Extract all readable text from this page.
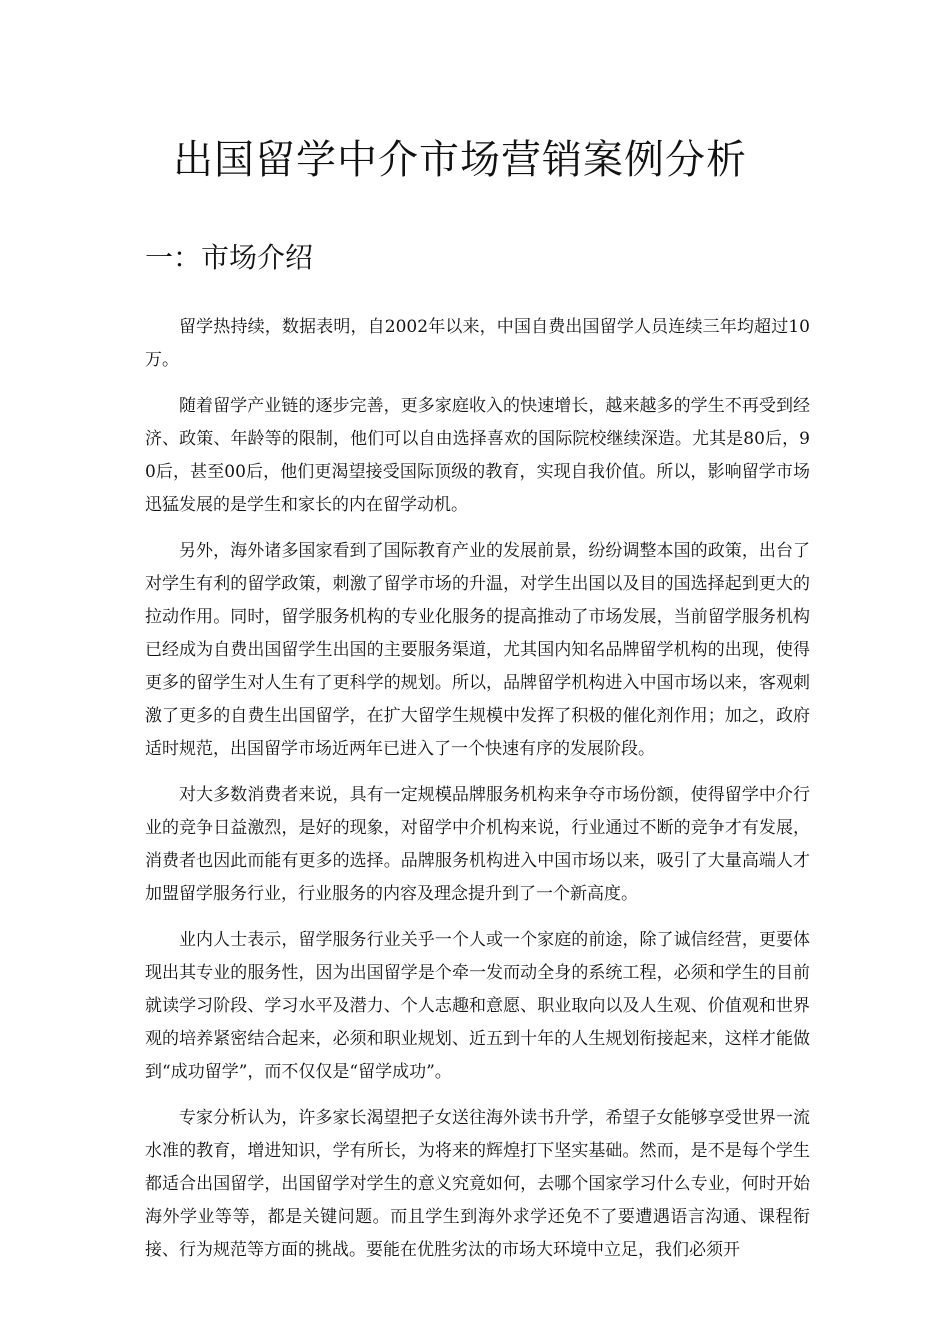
出国留学中介市场营销案例分析
一：市场介绍

留学热持续，数据表明，自2002年以来，中国自费出国留学人员连续三年均超过10万。

随着留学产业链的逐步完善，更多家庭收入的快速增长，越来越多的学生不再受到经济、政策、年龄等的限制，他们可以自由选择喜欢的国际院校继续深造。尤其是80后，90后，甚至00后，他们更渴望接受国际顶级的教育，实现自我价值。所以，影响留学市场迅猛发展的是学生和家长的内在留学动机。

另外，海外诸多国家看到了国际教育产业的发展前景，纷纷调整本国的政策，出台了对学生有利的留学政策，刺激了留学市场的升温，对学生出国以及目的国选择起到更大的拉动作用。同时，留学服务机构的专业化服务的提高推动了市场发展，当前留学服务机构已经成为自费出国留学生出国的主要服务渠道，尤其国内知名品牌留学机构的出现，使得更多的留学生对人生有了更科学的规划。所以，品牌留学机构进入中国市场以来，客观刺激了更多的自费生出国留学，在扩大留学生规模中发挥了积极的催化剂作用；加之，政府适时规范，出国留学市场近两年已进入了一个快速有序的发展阶段。

对大多数消费者来说，具有一定规模品牌服务机构来争夺市场份额，使得留学中介行业的竞争日益激烈，是好的现象，对留学中介机构来说，行业通过不断的竞争才有发展，消费者也因此而能有更多的选择。品牌服务机构进入中国市场以来，吸引了大量高端人才加盟留学服务行业，行业服务的内容及理念提升到了一个新高度。

业内人士表示，留学服务行业关乎一个人或一个家庭的前途，除了诚信经营，更要体现出其专业的服务性，因为出国留学是个牵一发而动全身的系统工程，必须和学生的目前就读学习阶段、学习水平及潜力、个人志趣和意愿、职业取向以及人生观、价值观和世界观的培养紧密结合起来，必须和职业规划、近五到十年的人生规划衔接起来，这样才能做到“成功留学”，而不仅仅是“留学成功”。

专家分析认为，许多家长渴望把子女送往海外读书升学，希望子女能够享受世界一流水准的教育，增进知识，学有所长，为将来的辉煌打下坚实基础。然而，是不是每个学生都适合出国留学，出国留学对学生的意义究竟如何，去哪个国家学习什么专业，何时开始海外学业等等，都是关键问题。而且学生到海外求学还免不了要遭遇语言沟通、课程衔接、行为规范等方面的挑战。要能在优胜劣汰的市场大环境中立足，我们必须开
